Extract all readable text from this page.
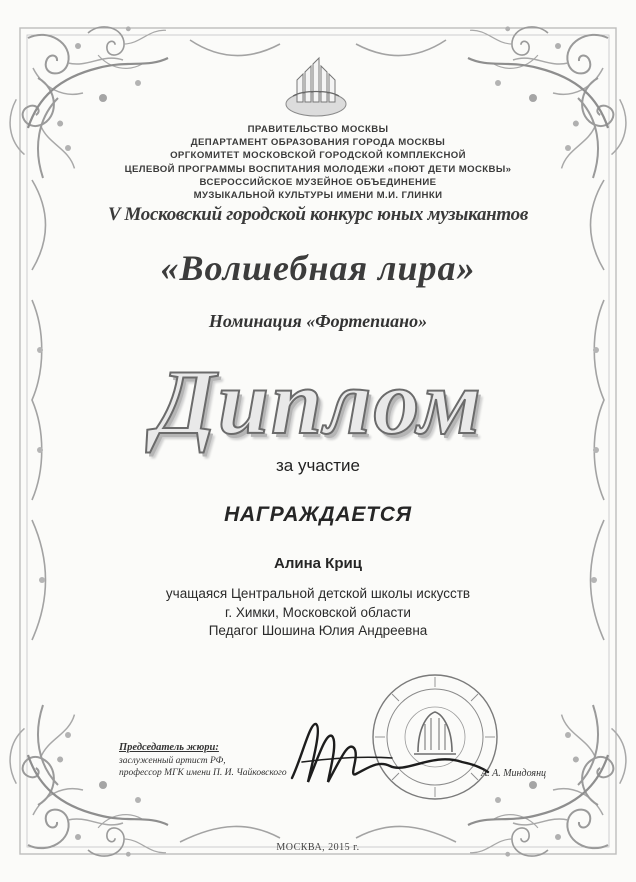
ПРАВИТЕЛЬСТВО МОСКВЫ
ДЕПАРТАМЕНТ ОБРАЗОВАНИЯ ГОРОДА МОСКВЫ
ОРГКОМИТЕТ МОСКОВСКОЙ ГОРОДСКОЙ КОМПЛЕКСНОЙ
ЦЕЛЕВОЙ ПРОГРАММЫ ВОСПИТАНИЯ МОЛОДЕЖИ «ПОЮТ ДЕТИ МОСКВЫ»
ВСЕРОССИЙСКОЕ МУЗЕЙНОЕ ОБЪЕДИНЕНИЕ
МУЗЫКАЛЬНОЙ КУЛЬТУРЫ ИМЕНИ М.И. ГЛИНКИ
V Московский городской конкурс юных музыкантов
«Волшебная лира»
Номинация «Фортепиано»
Диплом
за участие
НАГРАЖДАЕТСЯ
Алина Криц
учащаяся Центральной детской школы искусств
г. Химки, Московской области
Педагог Шошина Юлия Андреевна
Председатель жюри:
заслуженный артист РФ,
профессор МГК имени П. И. Чайковского	А. А. Миндоянц
МОСКВА, 2015 г.
